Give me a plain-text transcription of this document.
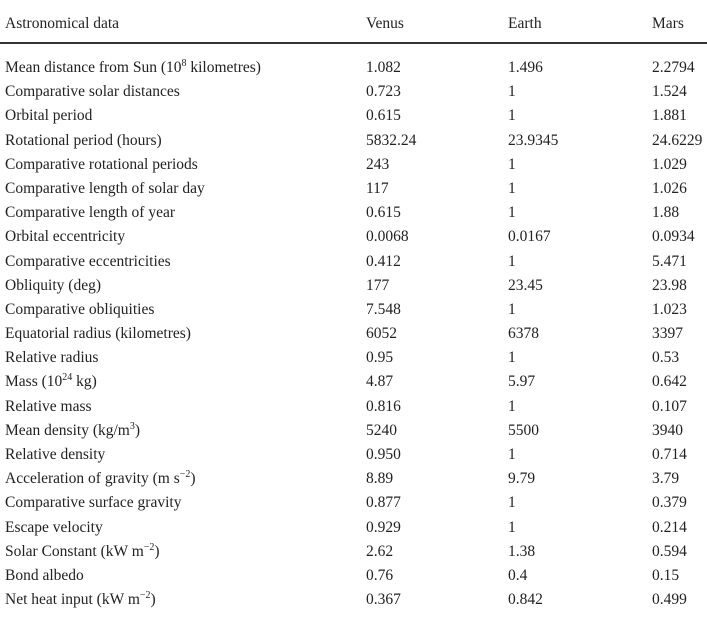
Astronomical data	Venus	Earth	Mars
Mean distance from Sun ($10^8$ kilometres)	1.082	1.496	2.2794
Comparative solar distances	0.723	1	1.524
Orbital period	0.615	1	1.881
Rotational period (hours)	5832.24	23.9345	24.6229
Comparative rotational periods	243	1	1.029
Comparative length of solar day	117	1	1.026
Comparative length of year	0.615	1	1.88
Orbital eccentricity	0.0068	0.0167	0.0934
Comparative eccentricities	0.412	1	5.471
Obliquity (deg)	177	23.45	23.98
Comparative obliquities	7.548	1	1.023
Equatorial radius (kilometres)	6052	6378	3397
Relative radius	0.95	1	0.53
Mass ($10^{24}$ kg)	4.87	5.97	0.642
Relative mass	0.816	1	0.107
Mean density $(kg/m^3)$	5240	5500	3940
Relative density	0.950	1	0.714
Acceleration of gravity (m $s^{-2}$)	8.89	9.79	3.79
Comparative surface gravity	0.877	1	0.379
Escape velocity	0.929	1	0.214
Solar Constant (kW $m^{-2}$)	2.62	1.38	0.594
Bond albedo	0.76	0.4	0.15
Net heat input (kW $m^{-2}$)	0.367	0.842	0.499
